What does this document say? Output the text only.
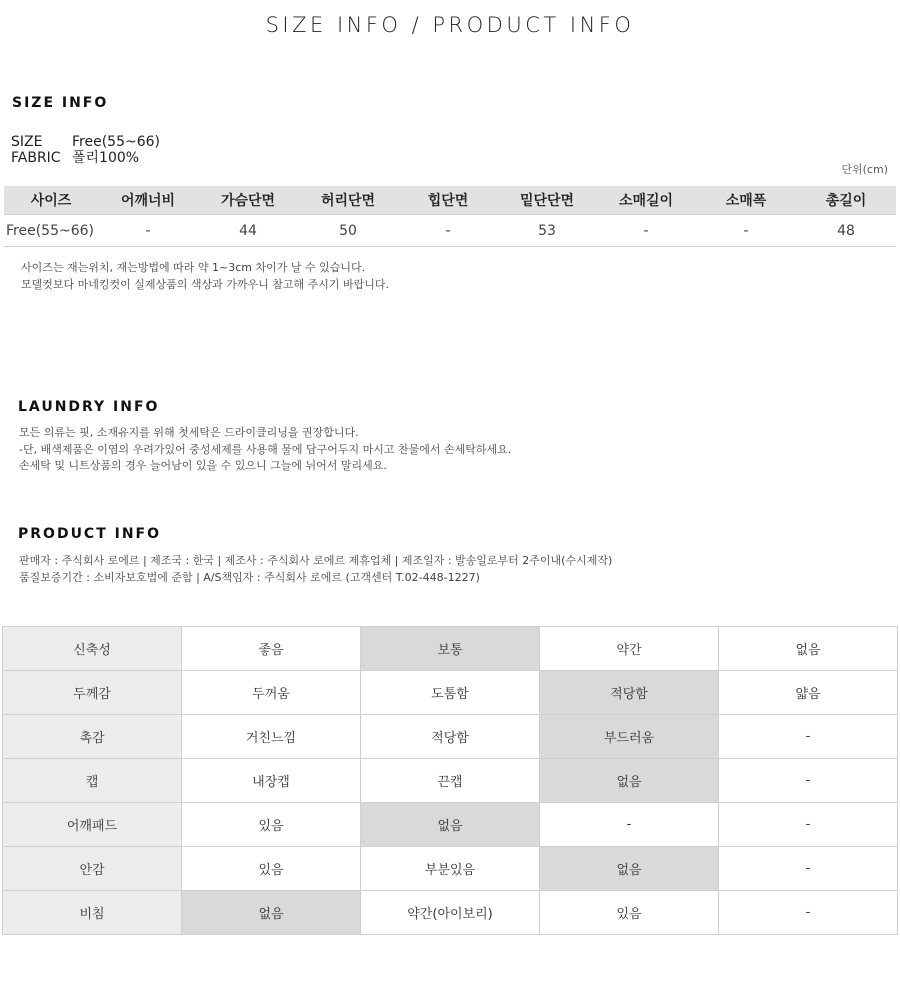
SIZE INFO / PRODUCT INFO
SIZE INFO
SIZE	Free(55~66)
FABRIC 폴리100%
단위(cm)
사이즈	어깨너비	가슴단면	허리단면	힙단면	밑단단면	소매길이	소매폭	총길이
Free(55~66)	-	44	50	-	53	-	-	48
사이즈는 재는위치, 재는방법에 따라 약 1~3cm 차이가 날 수 있습니다.
모델컷보다 마네킹컷이 실제상품의 색상과 가까우니 참고해 주시기 바랍니다.
LAUNDRY INFO
모든 의류는 핏, 소재유지를 위해 첫세탁은 드라이클리닝을 권장합니다.
-단, 배색제품은 이염의 우려가있어 중성세제를 사용해 물에 담구어두지 마시고 찬물에서 손세탁하세요.
손세탁 및 니트상품의 경우 늘어남이 있을 수 있으니 그늘에 뉘어서 말리세요.
PRODUCT INFO
판매자 : 주식회사 로에르 | 제조국 : 한국 | 제조사 : 주식회사 로에르 제휴업체 | 제조일자 : 발송일로부터 2주이내(수시제작)
품질보증기간 : 소비자보호법에 준함 | A/S책임자 : 주식회사 로에르 (고객센터 T.02-448-1227)
신축성	좋음	보통	약간	없음
두께감	두꺼움	도톰함	적당함	얇음
촉감	거친느낌	적당함	부드러움	-
캡	내장캡	끈캡	없음	-
어깨패드	있음	없음	-	-
안감	있음	부분있음	없음	-
비침	없음	약간(아이보리)	있음	-
